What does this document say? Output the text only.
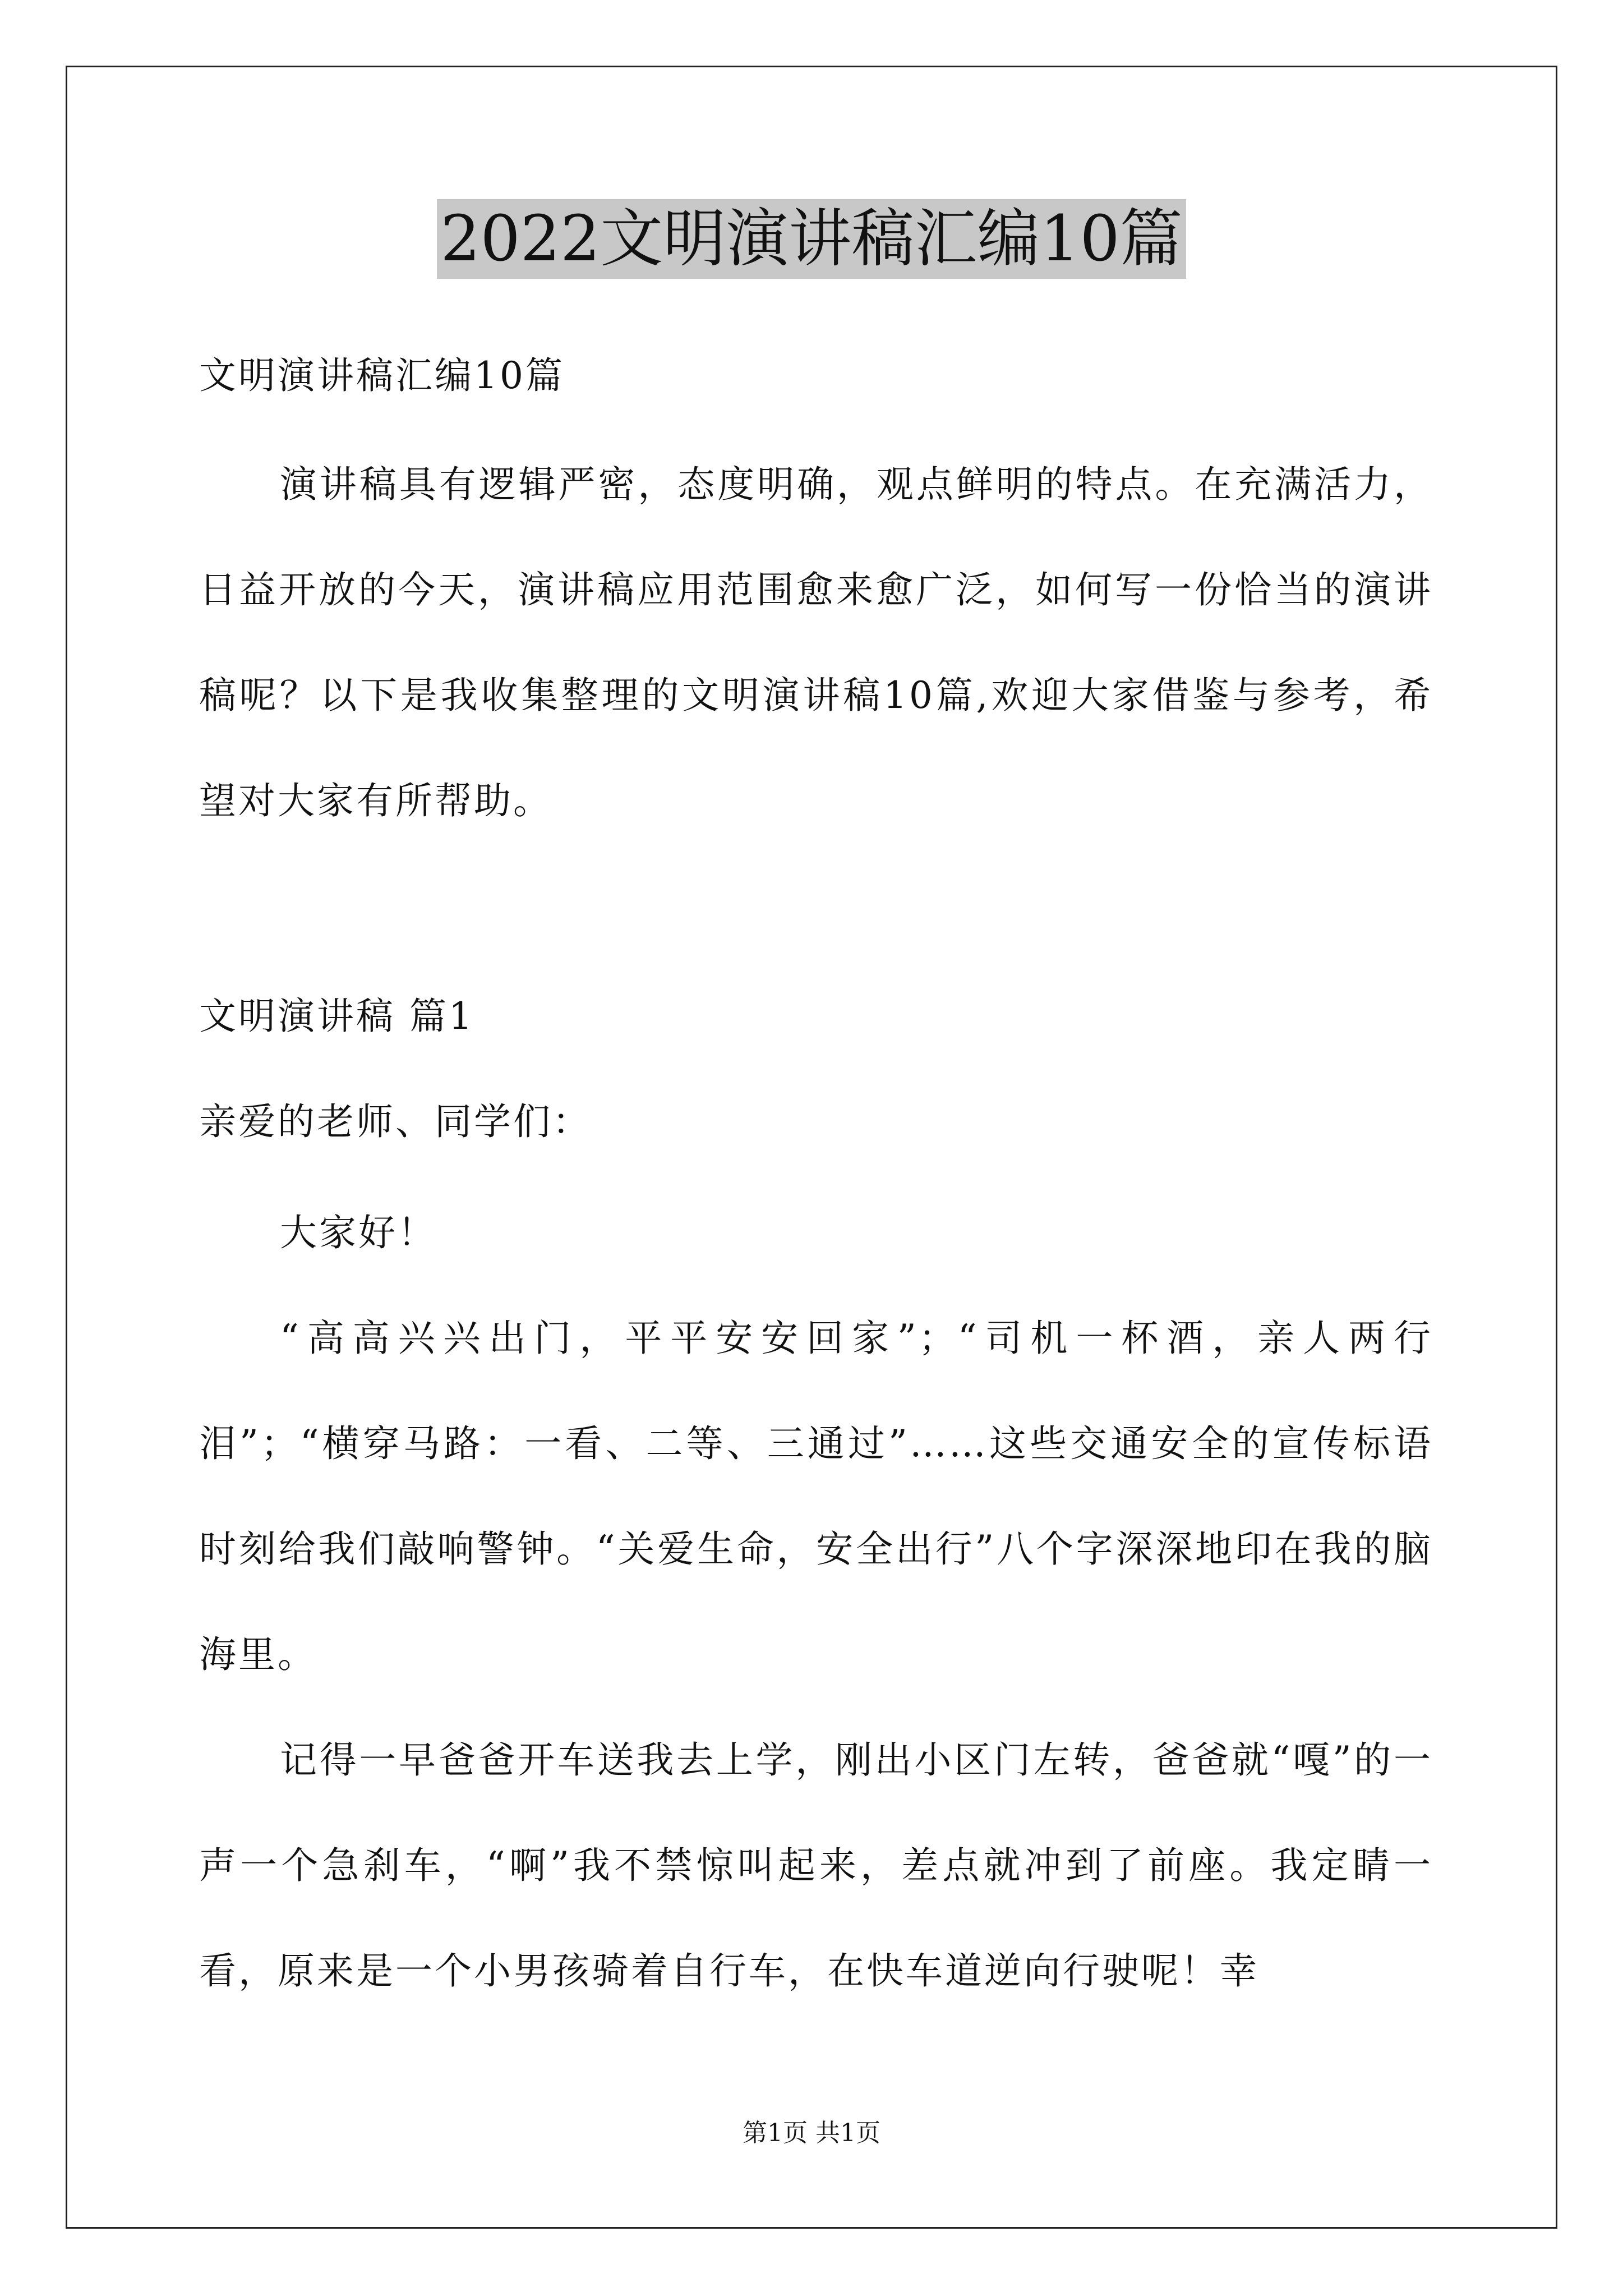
2022文明演讲稿汇编10篇
文明演讲稿汇编10篇

演讲稿具有逻辑严密，态度明确，观点鲜明的特点。在充满活力，日益开放的今天，演讲稿应用范围愈来愈广泛，如何写一份恰当的演讲稿呢？以下是我收集整理的文明演讲稿10篇,欢迎大家借鉴与参考，希望对大家有所帮助。

文明演讲稿 篇1
亲爱的老师、同学们：

大家好！

“高高兴兴出门，平平安安回家”；“司机一杯酒，亲人两行泪”；“横穿马路：一看、二等、三通过”……这些交通安全的宣传标语时刻给我们敲响警钟。“关爱生命，安全出行”八个字深深地印在我的脑海里。

记得一早爸爸开车送我去上学，刚出小区门左转，爸爸就“嘎”的一声一个急刹车，“啊”我不禁惊叫起来，差点就冲到了前座。我定睛一看，原来是一个小男孩骑着自行车，在快车道逆向行驶呢！幸

第1页 共1页
